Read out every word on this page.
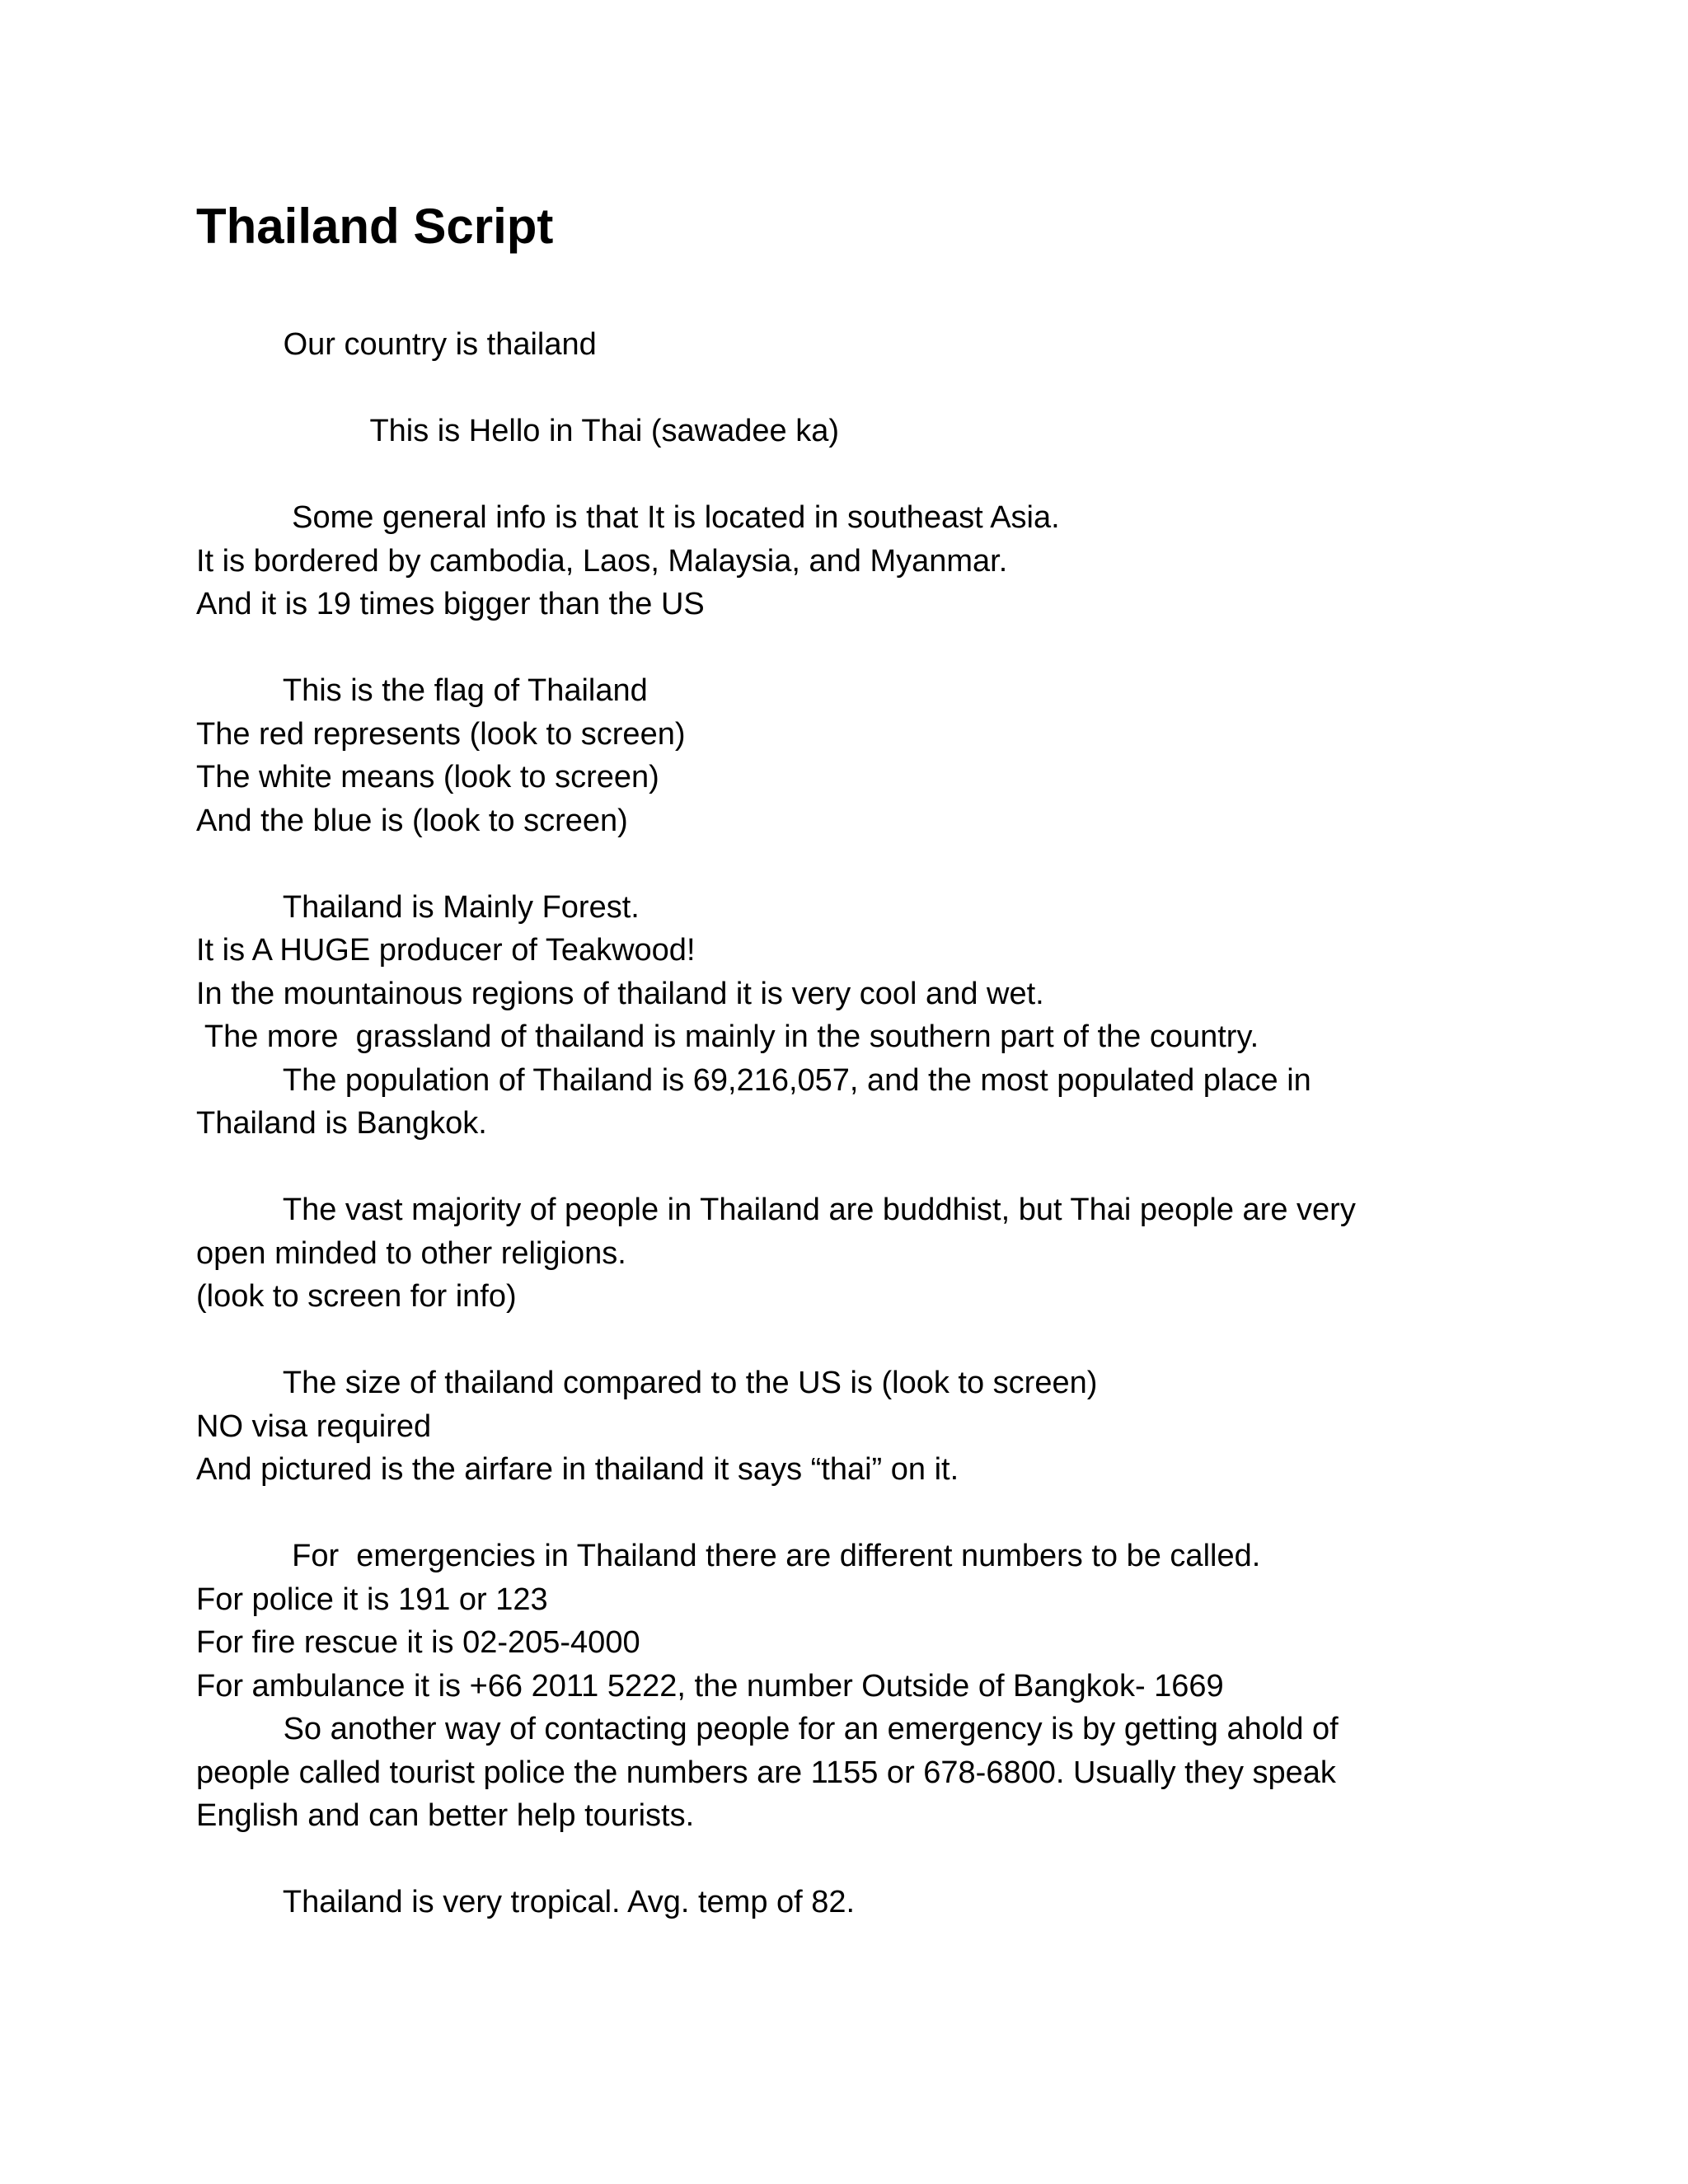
Thailand Script

Our country is thailand

This is Hello in Thai (sawadee ka)

Some general info is that It is located in southeast Asia.

It is bordered by cambodia, Laos, Malaysia, and Myanmar.

And it is 19 times bigger than the US

This is the flag of Thailand

The red represents (look to screen)

The white means (look to screen)

And the blue is (look to screen)

Thailand is Mainly Forest.

It is A HUGE producer of Teakwood!

In the mountainous regions of thailand it is very cool and wet.

The more  grassland of thailand is mainly in the southern part of the country.

The population of Thailand is 69,216,057, and the most populated place in

Thailand is Bangkok.

The vast majority of people in Thailand are buddhist, but Thai people are very

open minded to other religions.

(look to screen for info)

The size of thailand compared to the US is (look to screen)

NO visa required

And pictured is the airfare in thailand it says “thai” on it.

For  emergencies in Thailand there are different numbers to be called.

For police it is 191 or 123

For fire rescue it is 02-205-4000

For ambulance it is +66 2011 5222, the number Outside of Bangkok- 1669

So another way of contacting people for an emergency is by getting ahold of

people called tourist police the numbers are 1155 or 678-6800. Usually they speak

English and can better help tourists.

Thailand is very tropical. Avg. temp of 82.
